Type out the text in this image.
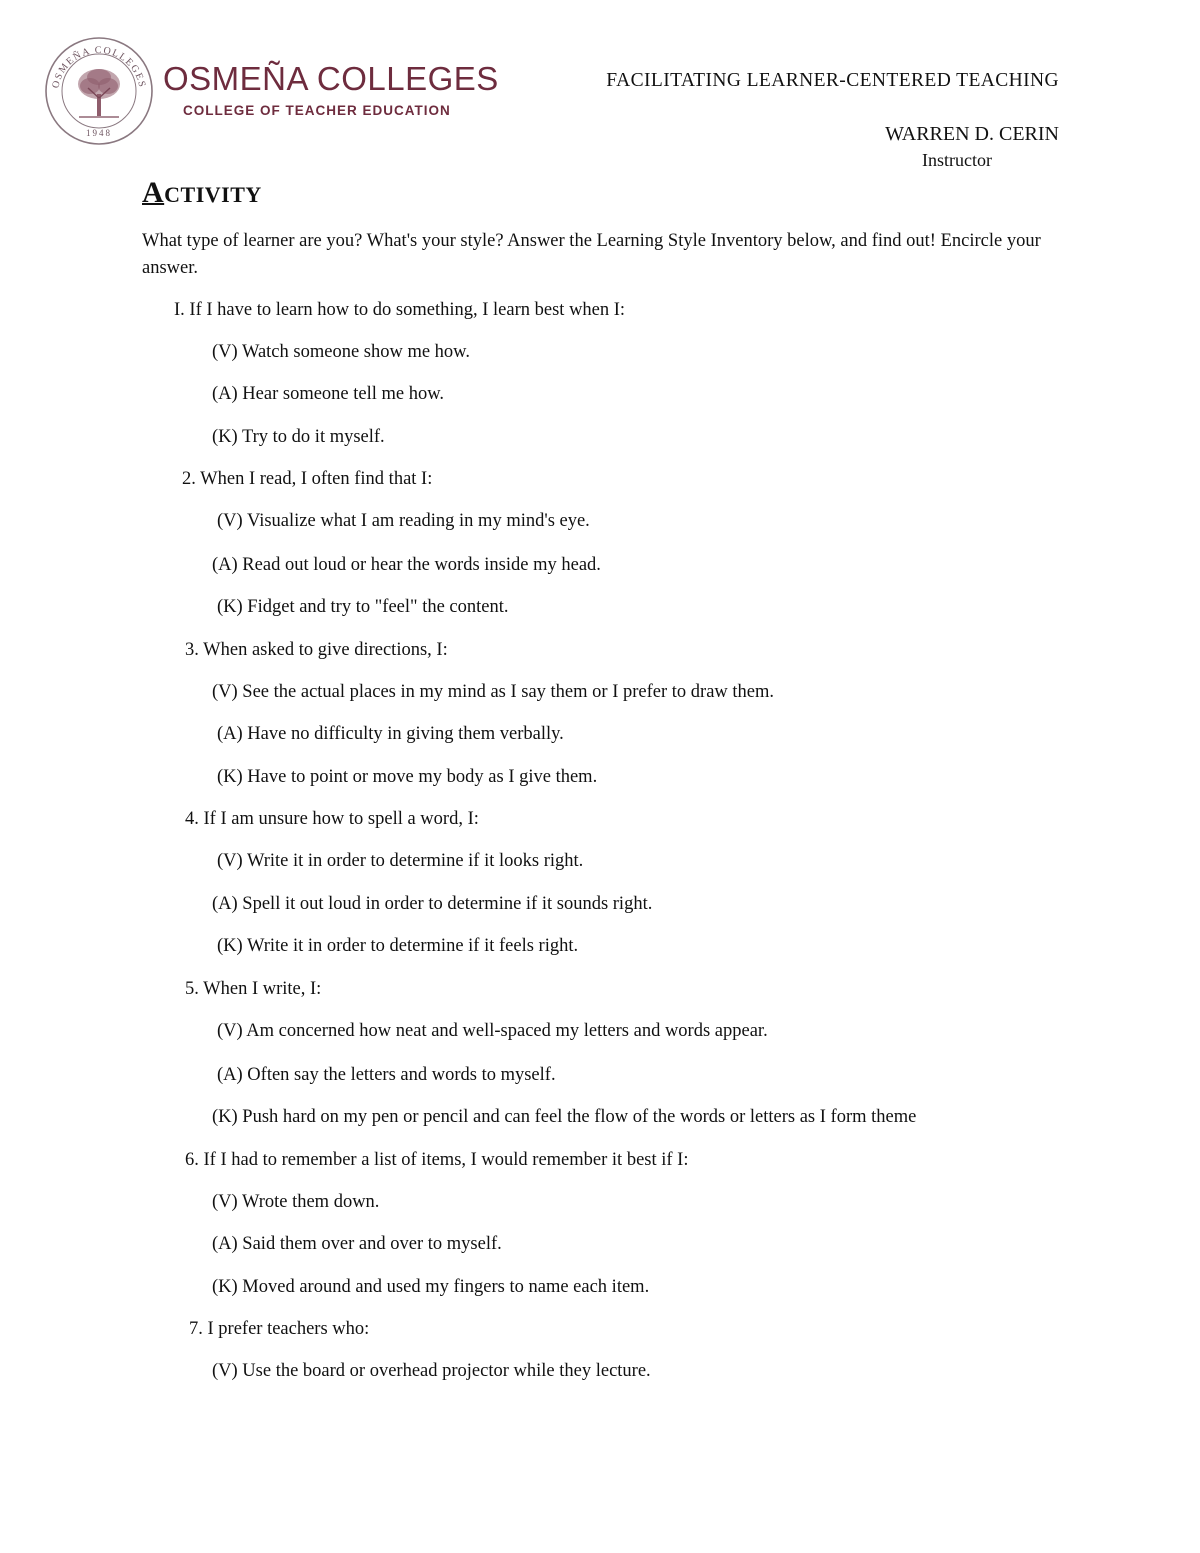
OSMEÑA COLLEGES
1948
OSMEÑA COLLEGES
COLLEGE OF TEACHER EDUCATION
FACILITATING LEARNER-CENTERED TEACHING
WARREN D. CERIN
Instructor
ACTIVITY

What type of learner are you? What's your style? Answer the Learning Style Inventory below, and find out! Encircle your answer.

I. If I have to learn how to do something, I learn best when I:
(V) Watch someone show me how.
(A) Hear someone tell me how.
(K) Try to do it myself.
2. When I read, I often find that I:
(V) Visualize what I am reading in my mind's eye.
(A) Read out loud or hear the words inside my head.
(K) Fidget and try to "feel" the content.
3. When asked to give directions, I:
(V) See the actual places in my mind as I say them or I prefer to draw them.
(A) Have no difficulty in giving them verbally.
(K) Have to point or move my body as I give them.
4. If I am unsure how to spell a word, I:
(V) Write it in order to determine if it looks right.
(A) Spell it out loud in order to determine if it sounds right.
(K) Write it in order to determine if it feels right.
5. When I write, I:
(V) Am concerned how neat and well-spaced my letters and words appear.
(A) Often say the letters and words to myself.
(K) Push hard on my pen or pencil and can feel the flow of the words or letters as I form theme
6. If I had to remember a list of items, I would remember it best if I:
(V) Wrote them down.
(A) Said them over and over to myself.
(K) Moved around and used my fingers to name each item.
7. I prefer teachers who:
(V) Use the board or overhead projector while they lecture.
